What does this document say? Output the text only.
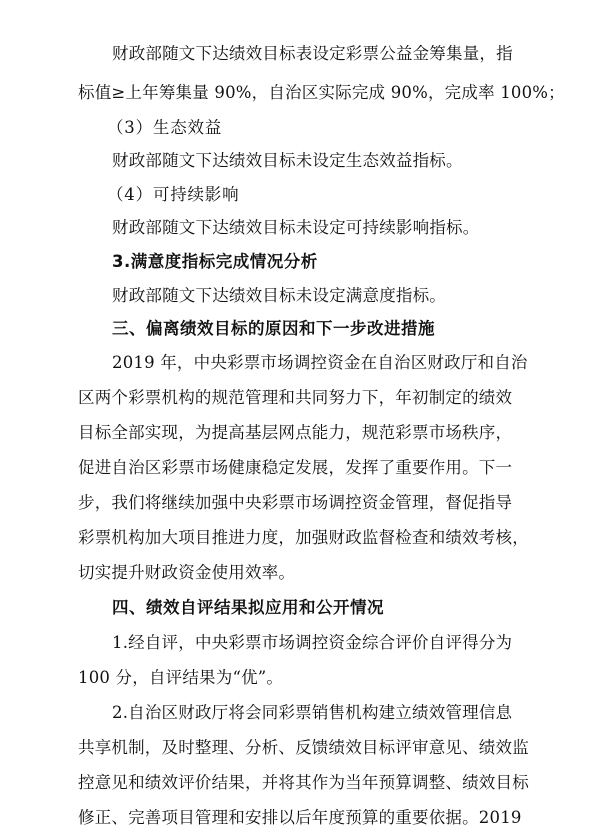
财政部随文下达绩效目标表设定彩票公益金筹集量，指
标值≥上年筹集量 90%，自治区实际完成 90%，完成率 100%；
（3）生态效益
财政部随文下达绩效目标未设定生态效益指标。
（4）可持续影响
财政部随文下达绩效目标未设定可持续影响指标。
3.满意度指标完成情况分析
财政部随文下达绩效目标未设定满意度指标。
三、偏离绩效目标的原因和下一步改进措施
2019 年，中央彩票市场调控资金在自治区财政厅和自治
区两个彩票机构的规范管理和共同努力下，年初制定的绩效
目标全部实现，为提高基层网点能力，规范彩票市场秩序，
促进自治区彩票市场健康稳定发展，发挥了重要作用。下一
步，我们将继续加强中央彩票市场调控资金管理，督促指导
彩票机构加大项目推进力度，加强财政监督检查和绩效考核，
切实提升财政资金使用效率。
四、绩效自评结果拟应用和公开情况
1.经自评，中央彩票市场调控资金综合评价自评得分为
100 分，自评结果为“优”。
2.自治区财政厅将会同彩票销售机构建立绩效管理信息
共享机制，及时整理、分析、反馈绩效目标评审意见、绩效监
控意见和绩效评价结果，并将其作为当年预算调整、绩效目标
修正、完善项目管理和安排以后年度预算的重要依据。2019
